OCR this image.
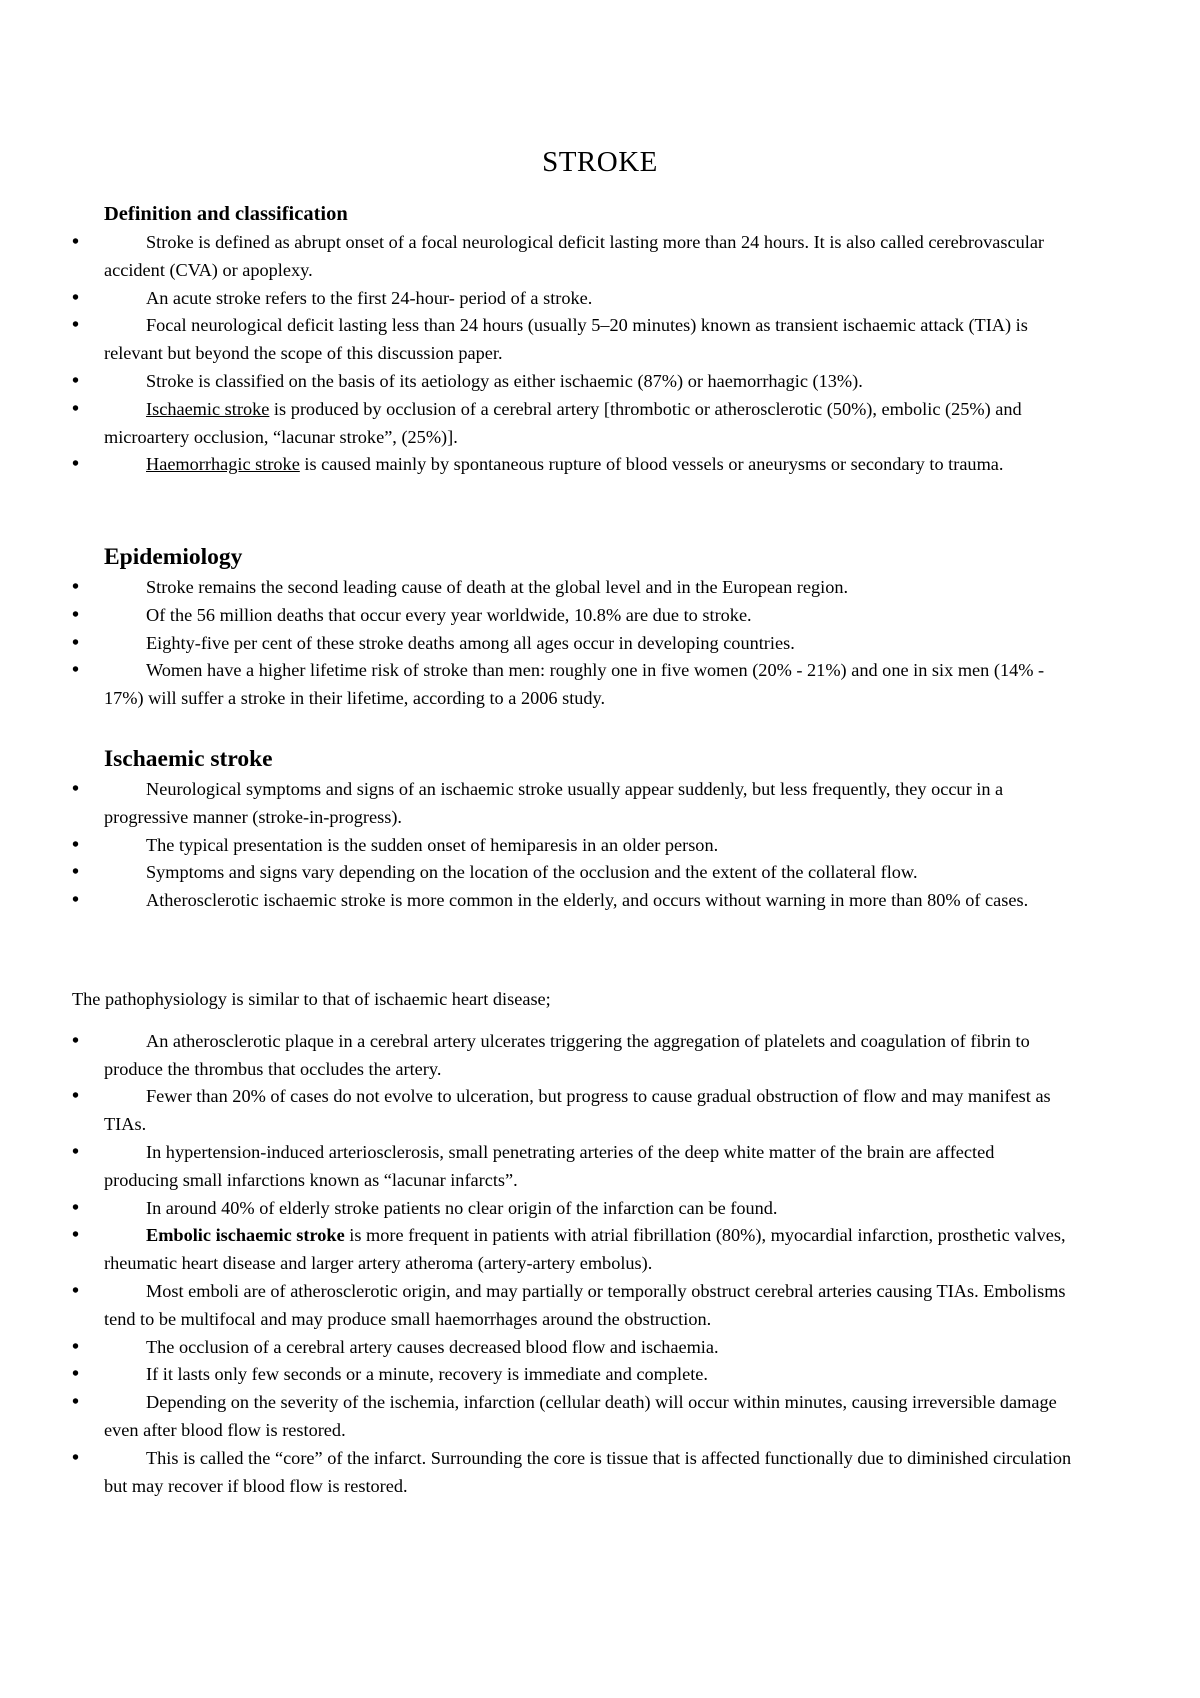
STROKE
Definition and classification
• Stroke is defined as abrupt onset of a focal neurological deficit lasting more than 24 hours. It is also called cerebrovascular accident (CVA) or apoplexy.
• An acute stroke refers to the first 24-hour- period of a stroke.
• Focal neurological deficit lasting less than 24 hours (usually 5–20 minutes) known as transient ischaemic attack (TIA) is relevant but beyond the scope of this discussion paper.
• Stroke is classified on the basis of its aetiology as either ischaemic (87%) or haemorrhagic (13%).
• Ischaemic stroke is produced by occlusion of a cerebral artery [thrombotic or atherosclerotic (50%), embolic (25%) and microartery occlusion, “lacunar stroke”, (25%)].
• Haemorrhagic stroke is caused mainly by spontaneous rupture of blood vessels or aneurysms or secondary to trauma.
Epidemiology
• Stroke remains the second leading cause of death at the global level and in the European region.
• Of the 56 million deaths that occur every year worldwide, 10.8% are due to stroke.
• Eighty-five per cent of these stroke deaths among all ages occur in developing countries.
• Women have a higher lifetime risk of stroke than men: roughly one in five women (20% - 21%) and one in six men (14% - 17%) will suffer a stroke in their lifetime, according to a 2006 study.
Ischaemic stroke
• Neurological symptoms and signs of an ischaemic stroke usually appear suddenly, but less frequently, they occur in a progressive manner (stroke-in-progress).
• The typical presentation is the sudden onset of hemiparesis in an older person.
• Symptoms and signs vary depending on the location of the occlusion and the extent of the collateral flow.
• Atherosclerotic ischaemic stroke is more common in the elderly, and occurs without warning in more than 80% of cases.

The pathophysiology is similar to that of ischaemic heart disease;

• An atherosclerotic plaque in a cerebral artery ulcerates triggering the aggregation of platelets and coagulation of fibrin to produce the thrombus that occludes the artery.
• Fewer than 20% of cases do not evolve to ulceration, but progress to cause gradual obstruction of flow and may manifest as TIAs.
• In hypertension-induced arteriosclerosis, small penetrating arteries of the deep white matter of the brain are affected producing small infarctions known as “lacunar infarcts”.
• In around 40% of elderly stroke patients no clear origin of the infarction can be found.
• Embolic ischaemic stroke is more frequent in patients with atrial fibrillation (80%), myocardial infarction, prosthetic valves, rheumatic heart disease and larger artery atheroma (artery-artery embolus).
• Most emboli are of atherosclerotic origin, and may partially or temporally obstruct cerebral arteries causing TIAs. Embolisms tend to be multifocal and may produce small haemorrhages around the obstruction.
• The occlusion of a cerebral artery causes decreased blood flow and ischaemia.
• If it lasts only few seconds or a minute, recovery is immediate and complete.
• Depending on the severity of the ischemia, infarction (cellular death) will occur within minutes, causing irreversible damage even after blood flow is restored.
• This is called the “core” of the infarct. Surrounding the core is tissue that is affected functionally due to diminished circulation but may recover if blood flow is restored.
